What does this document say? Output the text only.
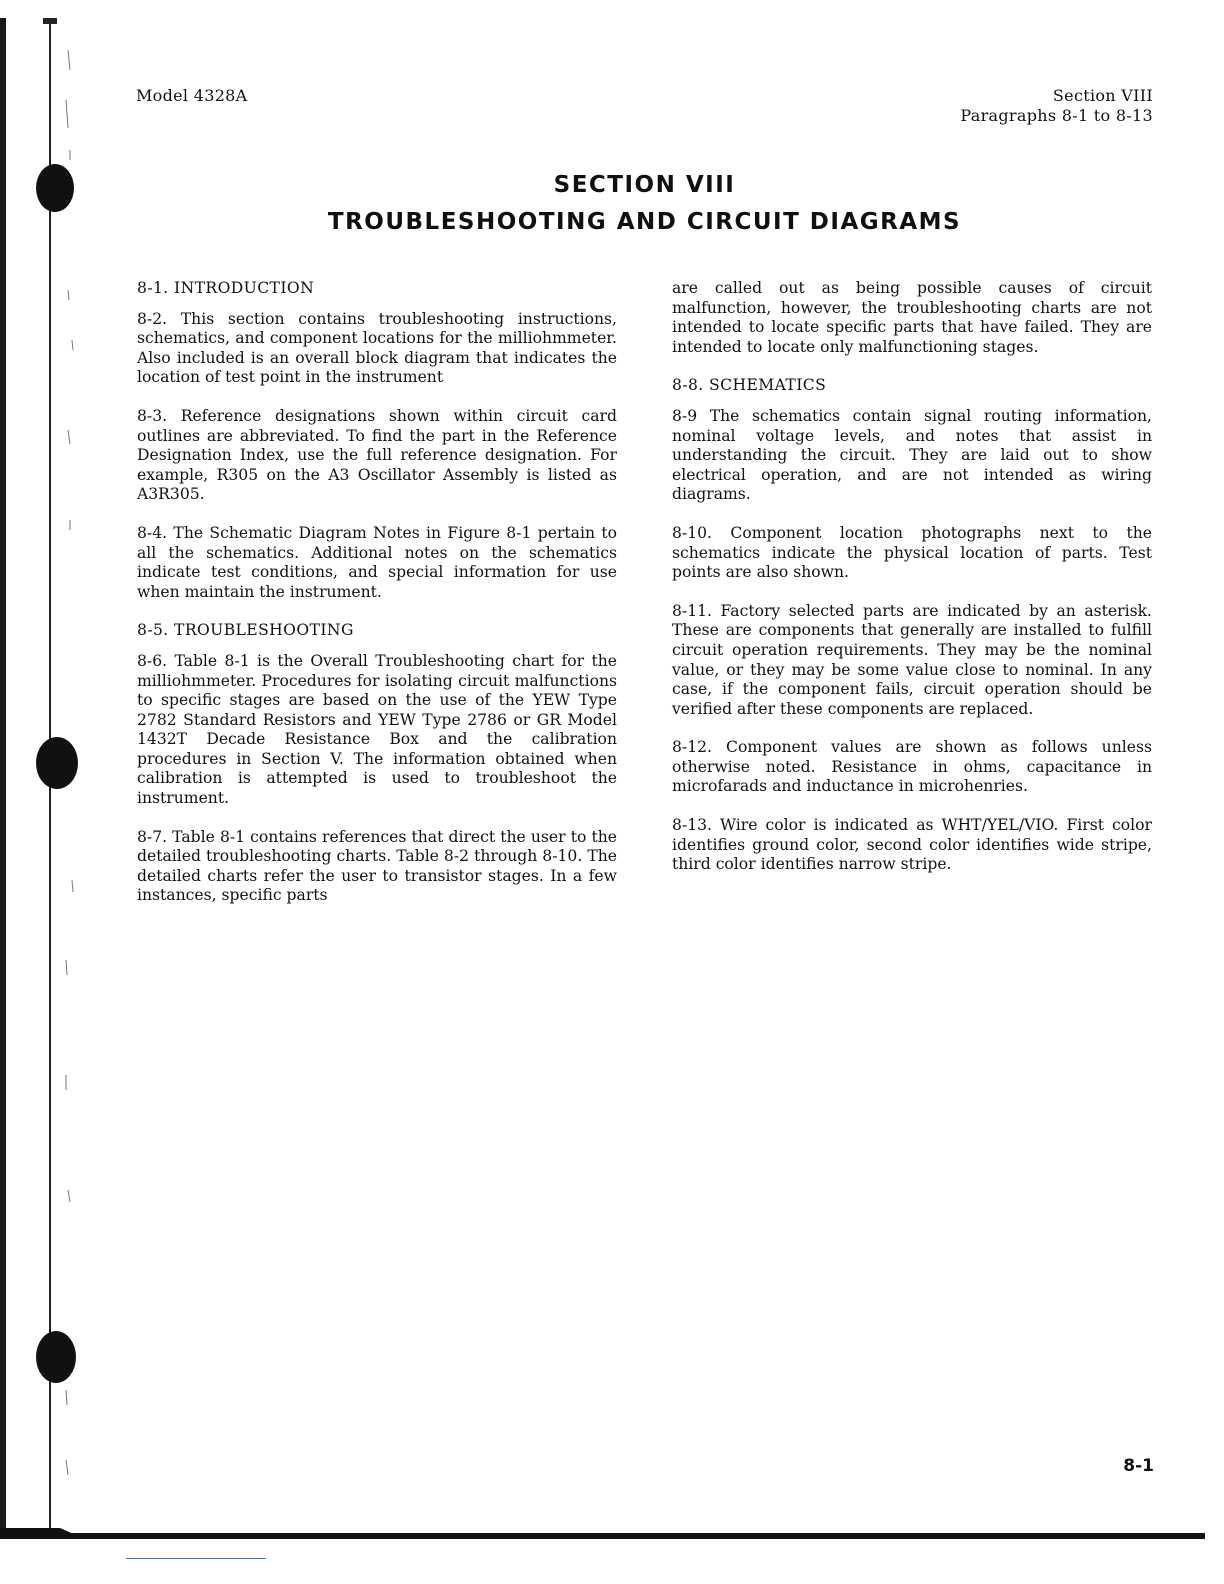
Model 4328A	Section VIII
Paragraphs 8-1 to 8-13
SECTION VIII
TROUBLESHOOTING AND CIRCUIT DIAGRAMS

8-1. INTRODUCTION

8-2. This section contains troubleshooting instructions, schematics, and component locations for the milliohmmeter. Also included is an overall block diagram that indicates the location of test point in the instrument

8-3. Reference designations shown within circuit card outlines are abbreviated. To find the part in the Reference Designation Index, use the full reference designation. For example, R305 on the A3 Oscillator Assembly is listed as A3R305.

8-4. The Schematic Diagram Notes in Figure 8-1 pertain to all the schematics. Additional notes on the schematics indicate test conditions, and special information for use when maintain the instrument.

8-5. TROUBLESHOOTING

8-6. Table 8-1 is the Overall Troubleshooting chart for the milliohmmeter. Procedures for isolating circuit malfunctions to specific stages are based on the use of the YEW Type 2782 Standard Resistors and YEW Type 2786 or GR Model 1432T Decade Resistance Box and the calibration procedures in Section V. The information obtained when calibration is attempted is used to troubleshoot the instrument.

8-7. Table 8-1 contains references that direct the user to the detailed troubleshooting charts. Table 8-2 through 8-10. The detailed charts refer the user to transistor stages. In a few instances, specific parts

are called out as being possible causes of circuit malfunction, however, the troubleshooting charts are not intended to locate specific parts that have failed. They are intended to locate only malfunctioning stages.

8-8. SCHEMATICS

8-9 The schematics contain signal routing information, nominal voltage levels, and notes that assist in understanding the circuit. They are laid out to show electrical operation, and are not intended as wiring diagrams.

8-10. Component location photographs next to the schematics indicate the physical location of parts. Test points are also shown.

8-11. Factory selected parts are indicated by an asterisk. These are components that generally are installed to fulfill circuit operation requirements. They may be the nominal value, or they may be some value close to nominal. In any case, if the component fails, circuit operation should be verified after these components are replaced.

8-12. Component values are shown as follows unless otherwise noted. Resistance in ohms, capacitance in microfarads and inductance in microhenries.

8-13. Wire color is indicated as WHT/YEL/VIO. First color identifies ground color, second color identifies wide stripe, third color identifies narrow stripe.

8-1
